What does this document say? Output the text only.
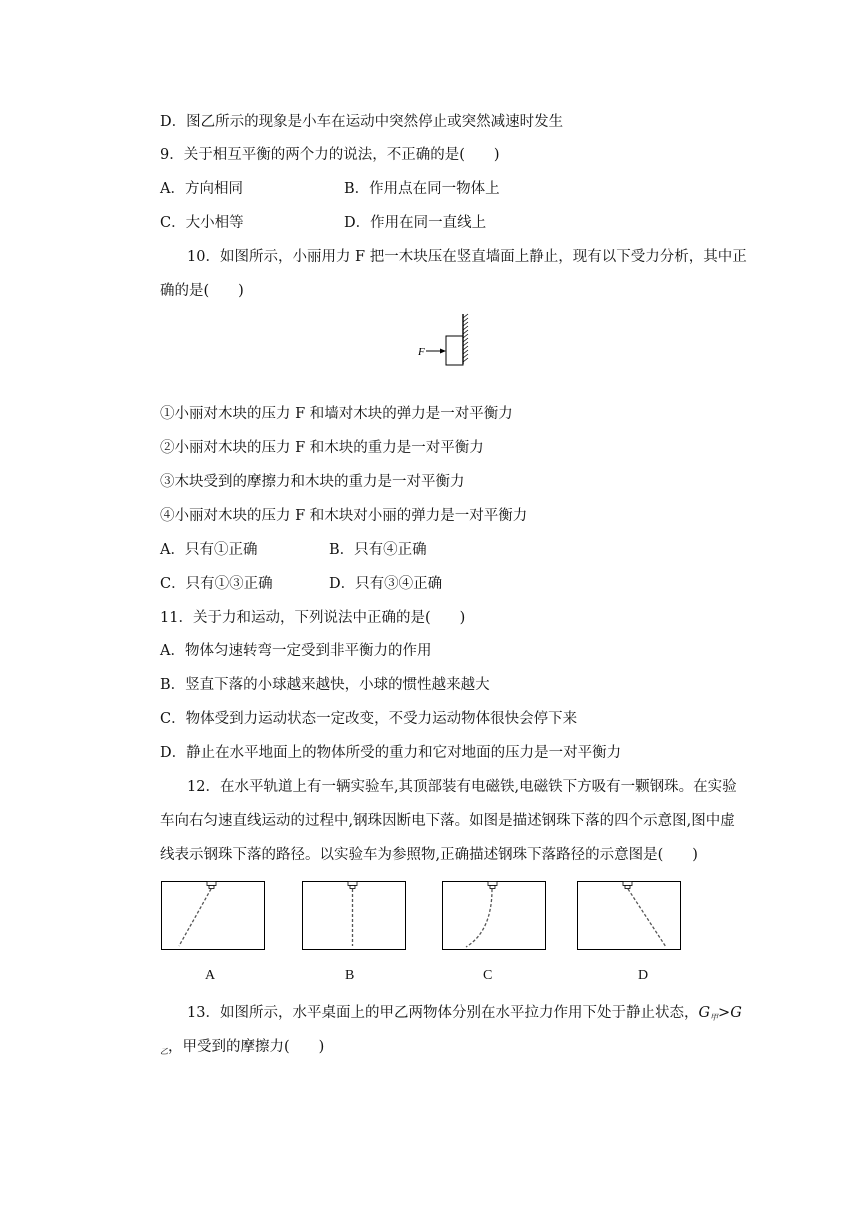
D．图乙所示的现象是小车在运动中突然停止或突然减速时发生
9．关于相互平衡的两个力的说法，不正确的是(　　)
A．方向相同	B．作用点在同一物体上
C．大小相等	D．作用在同一直线上
10．如图所示，小丽用力 F 把一木块压在竖直墙面上静止，现有以下受力分析，其中正
确的是(　　)
F
①小丽对木块的压力 F 和墙对木块的弹力是一对平衡力
②小丽对木块的压力 F 和木块的重力是一对平衡力
③木块受到的摩擦力和木块的重力是一对平衡力
④小丽对木块的压力 F 和木块对小丽的弹力是一对平衡力
A．只有①正确	B．只有④正确
C．只有①③正确	D．只有③④正确
11．关于力和运动，下列说法中正确的是(　　)
A．物体匀速转弯一定受到非平衡力的作用
B．竖直下落的小球越来越快，小球的惯性越来越大
C．物体受到力运动状态一定改变，不受力运动物体很快会停下来
D．静止在水平地面上的物体所受的重力和它对地面的压力是一对平衡力
12．在水平轨道上有一辆实验车,其顶部装有电磁铁,电磁铁下方吸有一颗钢珠。在实验
车向右匀速直线运动的过程中,钢珠因断电下落。如图是描述钢珠下落的四个示意图,图中虚
线表示钢珠下落的路径。以实验车为参照物,正确描述钢珠下落路径的示意图是(　　)
A	B	C	D
13．如图所示，水平桌面上的甲乙两物体分别在水平拉力作用下处于静止状态，$G_甲>G$
$_乙$，甲受到的摩擦力(　　)
